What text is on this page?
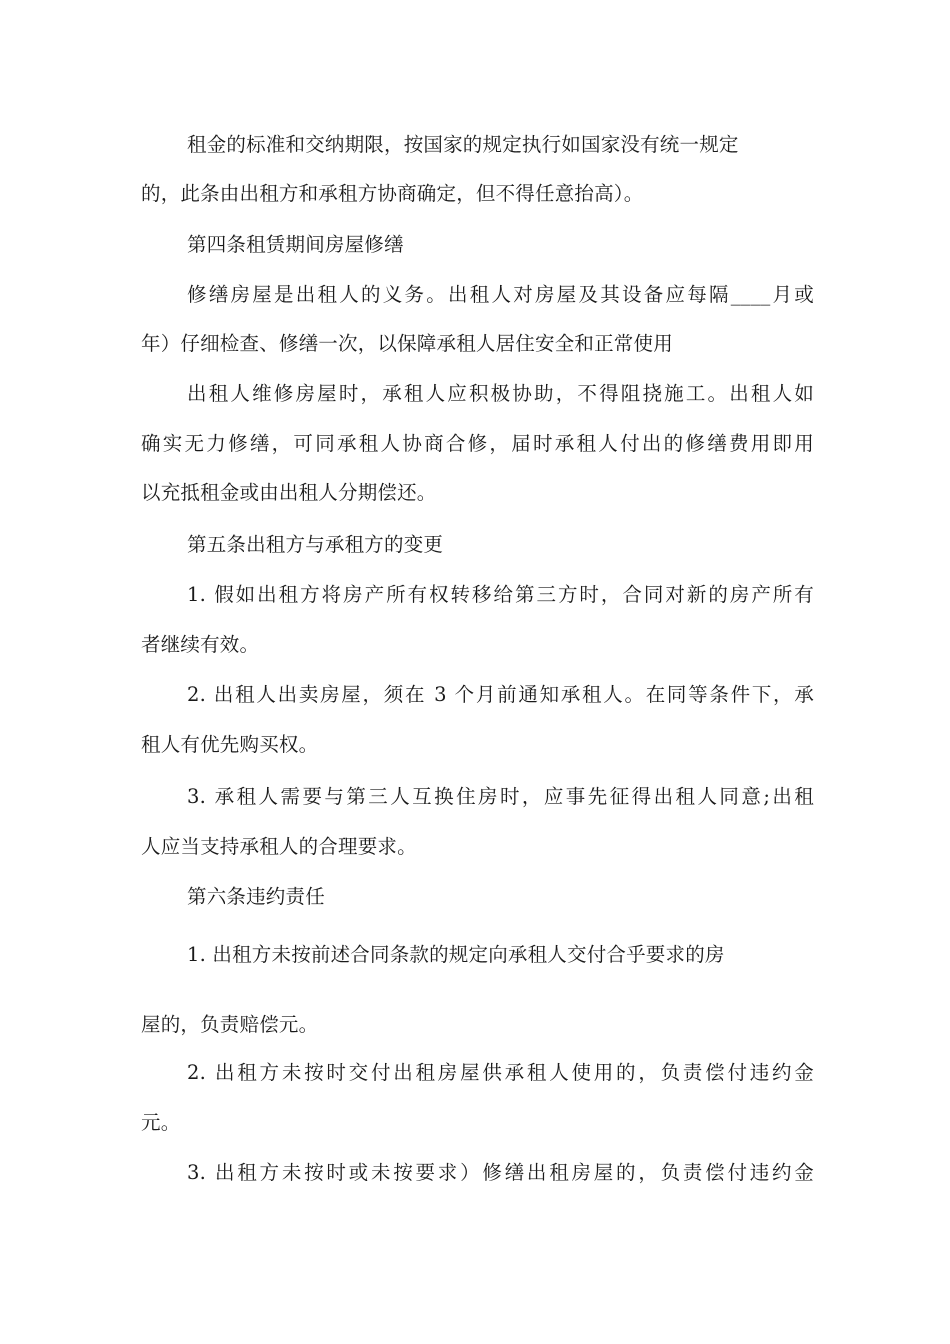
租金的标准和交纳期限，按国家的规定执行如国家没有统一规定
的，此条由出租方和承租方协商确定，但不得任意抬高）。
第四条租赁期间房屋修缮
修缮房屋是出租人的义务。出租人对房屋及其设备应每隔____月或
年）仔细检查、修缮一次，以保障承租人居住安全和正常使用
出租人维修房屋时，承租人应积极协助，不得阻挠施工。出租人如
确实无力修缮，可同承租人协商合修，届时承租人付出的修缮费用即用
以充抵租金或由出租人分期偿还。
第五条出租方与承租方的变更
1. 假如出租方将房产所有权转移给第三方时，合同对新的房产所有
者继续有效。
2. 出租人出卖房屋，须在 3 个月前通知承租人。在同等条件下，承
租人有优先购买权。
3. 承租人需要与第三人互换住房时，应事先征得出租人同意;出租
人应当支持承租人的合理要求。
第六条违约责任
1. 出租方未按前述合同条款的规定向承租人交付合乎要求的房
屋的，负责赔偿元。
2. 出租方未按时交付出租房屋供承租人使用的，负责偿付违约金
元。
3. 出租方未按时或未按要求）修缮出租房屋的，负责偿付违约金
